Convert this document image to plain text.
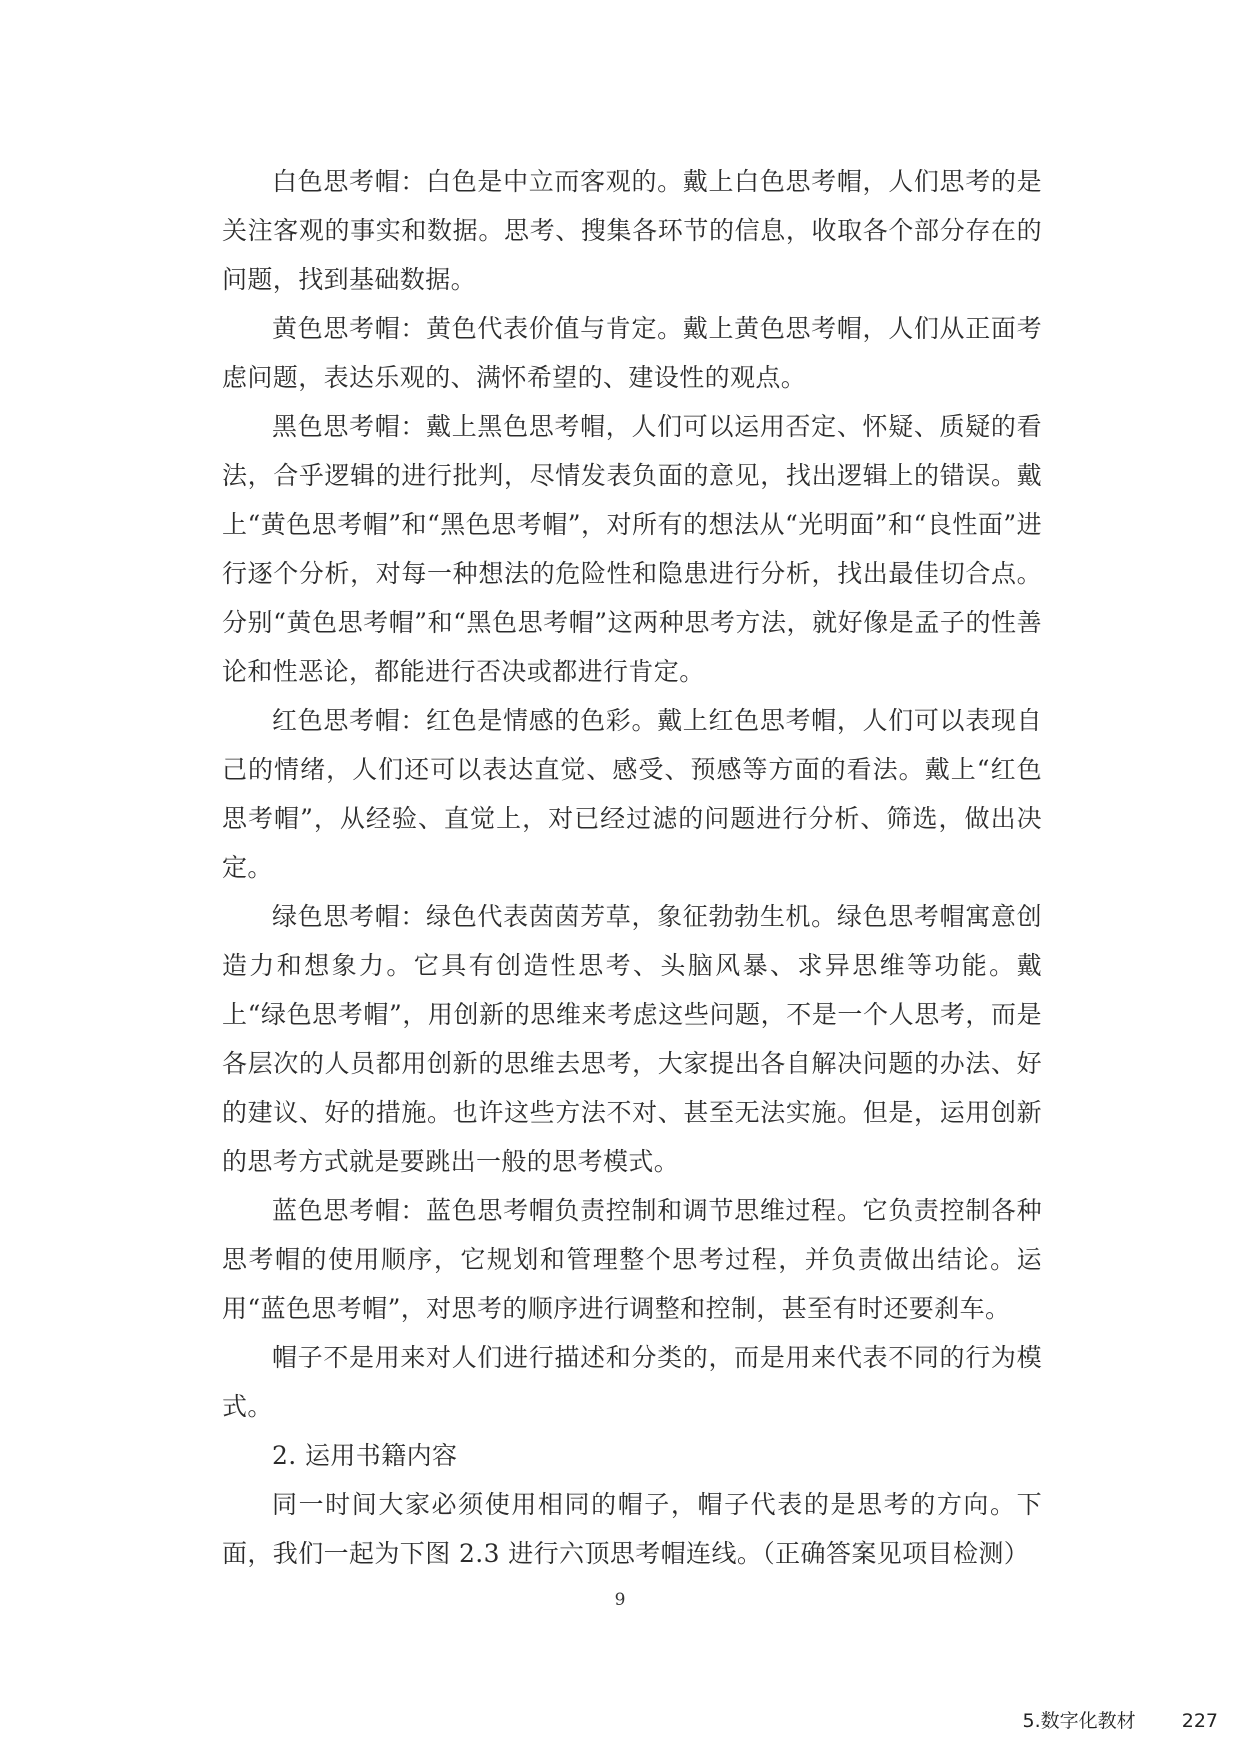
白色思考帽：白色是中立而客观的。戴上白色思考帽，人们思考的是关注客观的事实和数据。思考、搜集各环节的信息，收取各个部分存在的问题，找到基础数据。

黄色思考帽：黄色代表价值与肯定。戴上黄色思考帽，人们从正面考虑问题，表达乐观的、满怀希望的、建设性的观点。

黑色思考帽：戴上黑色思考帽，人们可以运用否定、怀疑、质疑的看法，合乎逻辑的进行批判，尽情发表负面的意见，找出逻辑上的错误。戴上“黄色思考帽”和“黑色思考帽”，对所有的想法从“光明面”和“良性面”进行逐个分析，对每一种想法的危险性和隐患进行分析，找出最佳切合点。分别“黄色思考帽”和“黑色思考帽”这两种思考方法，就好像是孟子的性善论和性恶论，都能进行否决或都进行肯定。

红色思考帽：红色是情感的色彩。戴上红色思考帽，人们可以表现自己的情绪，人们还可以表达直觉、感受、预感等方面的看法。戴上“红色思考帽”，从经验、直觉上，对已经过滤的问题进行分析、筛选，做出决定。

绿色思考帽：绿色代表茵茵芳草，象征勃勃生机。绿色思考帽寓意创造力和想象力。它具有创造性思考、头脑风暴、求异思维等功能。戴上“绿色思考帽”，用创新的思维来考虑这些问题，不是一个人思考，而是各层次的人员都用创新的思维去思考，大家提出各自解决问题的办法、好的建议、好的措施。也许这些方法不对、甚至无法实施。但是，运用创新的思考方式就是要跳出一般的思考模式。

蓝色思考帽：蓝色思考帽负责控制和调节思维过程。它负责控制各种思考帽的使用顺序，它规划和管理整个思考过程，并负责做出结论。运用“蓝色思考帽”，对思考的顺序进行调整和控制，甚至有时还要刹车。

帽子不是用来对人们进行描述和分类的，而是用来代表不同的行为模式。

2. 运用书籍内容

同一时间大家必须使用相同的帽子，帽子代表的是思考的方向。下面，我们一起为下图 2.3 进行六顶思考帽连线。（正确答案见项目检测）

9
5.数字化教材 227
